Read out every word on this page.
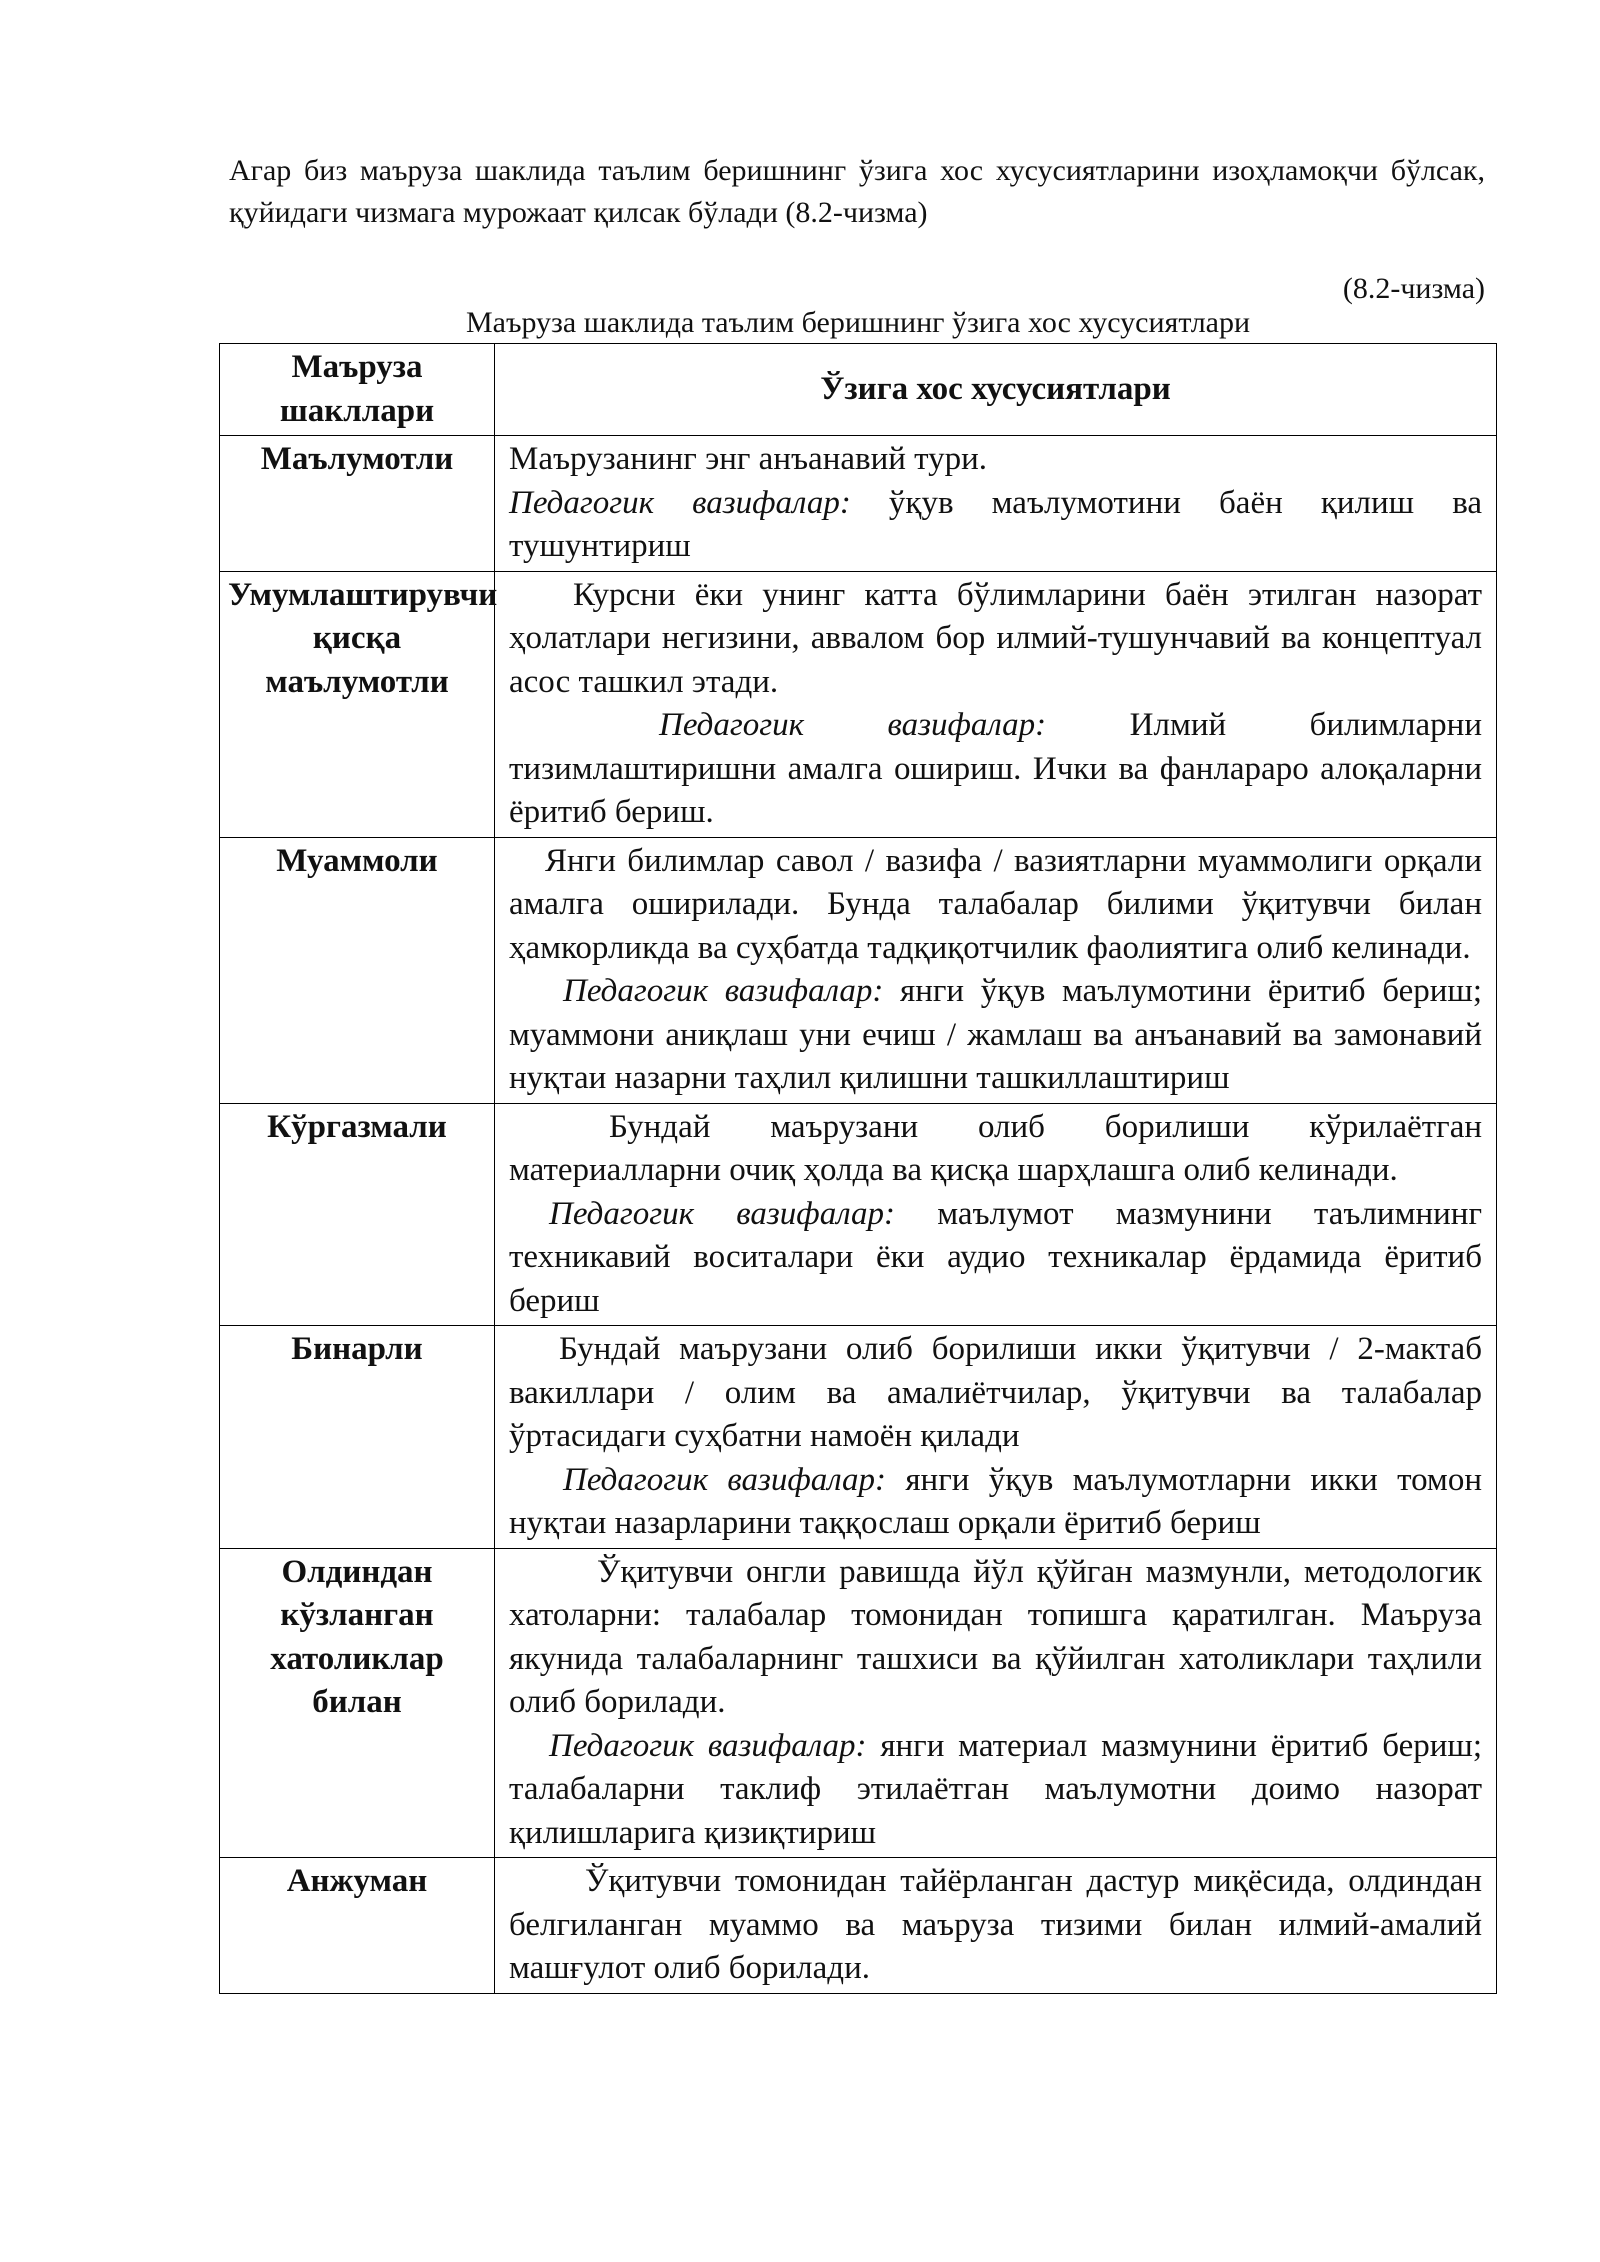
Агар биз маъруза шаклида таълим беришнинг ўзига хос хусусиятларини изоҳламоқчи бўлсак, қуйидаги чизмага мурожаат қилсак бўлади (8.2-чизма)

(8.2-чизма)

Маъруза шаклида таълим беришнинг ўзига хос хусусиятлари

Маъруза шакллари	Ўзига хос хусусиятлари
Маълумотли	Маърузанинг энг анъанавий тури.

Педагогик вазифалар: ўқув маълумотини баён қилиш ва тушунтириш

Умумлаштирувчи қисқа маълумотли	Курсни ёки унинг катта бўлимларини баён этилган назорат ҳолатлари негизини, аввалом бор илмий-тушунчавий ва концептуал асос ташкил этади.

Педагогик вазифалар: Илмий билимларни тизимлаштиришни амалга ошириш. Ички ва фанлараро алоқаларни ёритиб бериш.

Муаммоли	Янги билимлар савол / вазифа / вазиятларни муаммолиги орқали амалга оширилади. Бунда талабалар билими ўқитувчи билан ҳамкорликда ва суҳбатда тадқиқотчилик фаолиятига олиб келинади.

Педагогик вазифалар: янги ўқув маълумотини ёритиб бериш; муаммони аниқлаш уни ечиш / жамлаш ва анъанавий ва замонавий нуқтаи назарни таҳлил қилишни ташкиллаштириш

Кўргазмали	Бундай маърузани олиб борилиши кўрилаётган материалларни очиқ ҳолда ва қисқа шарҳлашга олиб келинади.

Педагогик вазифалар: маълумот мазмунини таълимнинг техникавий воситалари ёки аудио техникалар ёрдамида ёритиб бериш

Бинарли	Бундай маърузани олиб борилиши икки ўқитувчи / 2-мактаб вакиллари / олим ва амалиётчилар, ўқитувчи ва талабалар ўртасидаги суҳбатни намоён қилади

Педагогик вазифалар: янги ўқув маълумотларни икки томон нуқтаи назарларини таққослаш орқали ёритиб бериш

Олдиндан кўзланган хатоликлар билан	Ўқитувчи онгли равишда йўл қўйган мазмунли, методологик хатоларни: талабалар томонидан топишга қаратилган. Маъруза якунида талабаларнинг ташхиси ва қўйилган хатоликлари таҳлили олиб борилади.

Педагогик вазифалар: янги материал мазмунини ёритиб бериш; талабаларни таклиф этилаётган маълумотни доимо назорат қилишларига қизиқтириш

Анжуман	Ўқитувчи томонидан тайёрланган дастур миқёсида, олдиндан белгиланган муаммо ва маъруза тизими билан илмий-амалий машғулот олиб борилади.
